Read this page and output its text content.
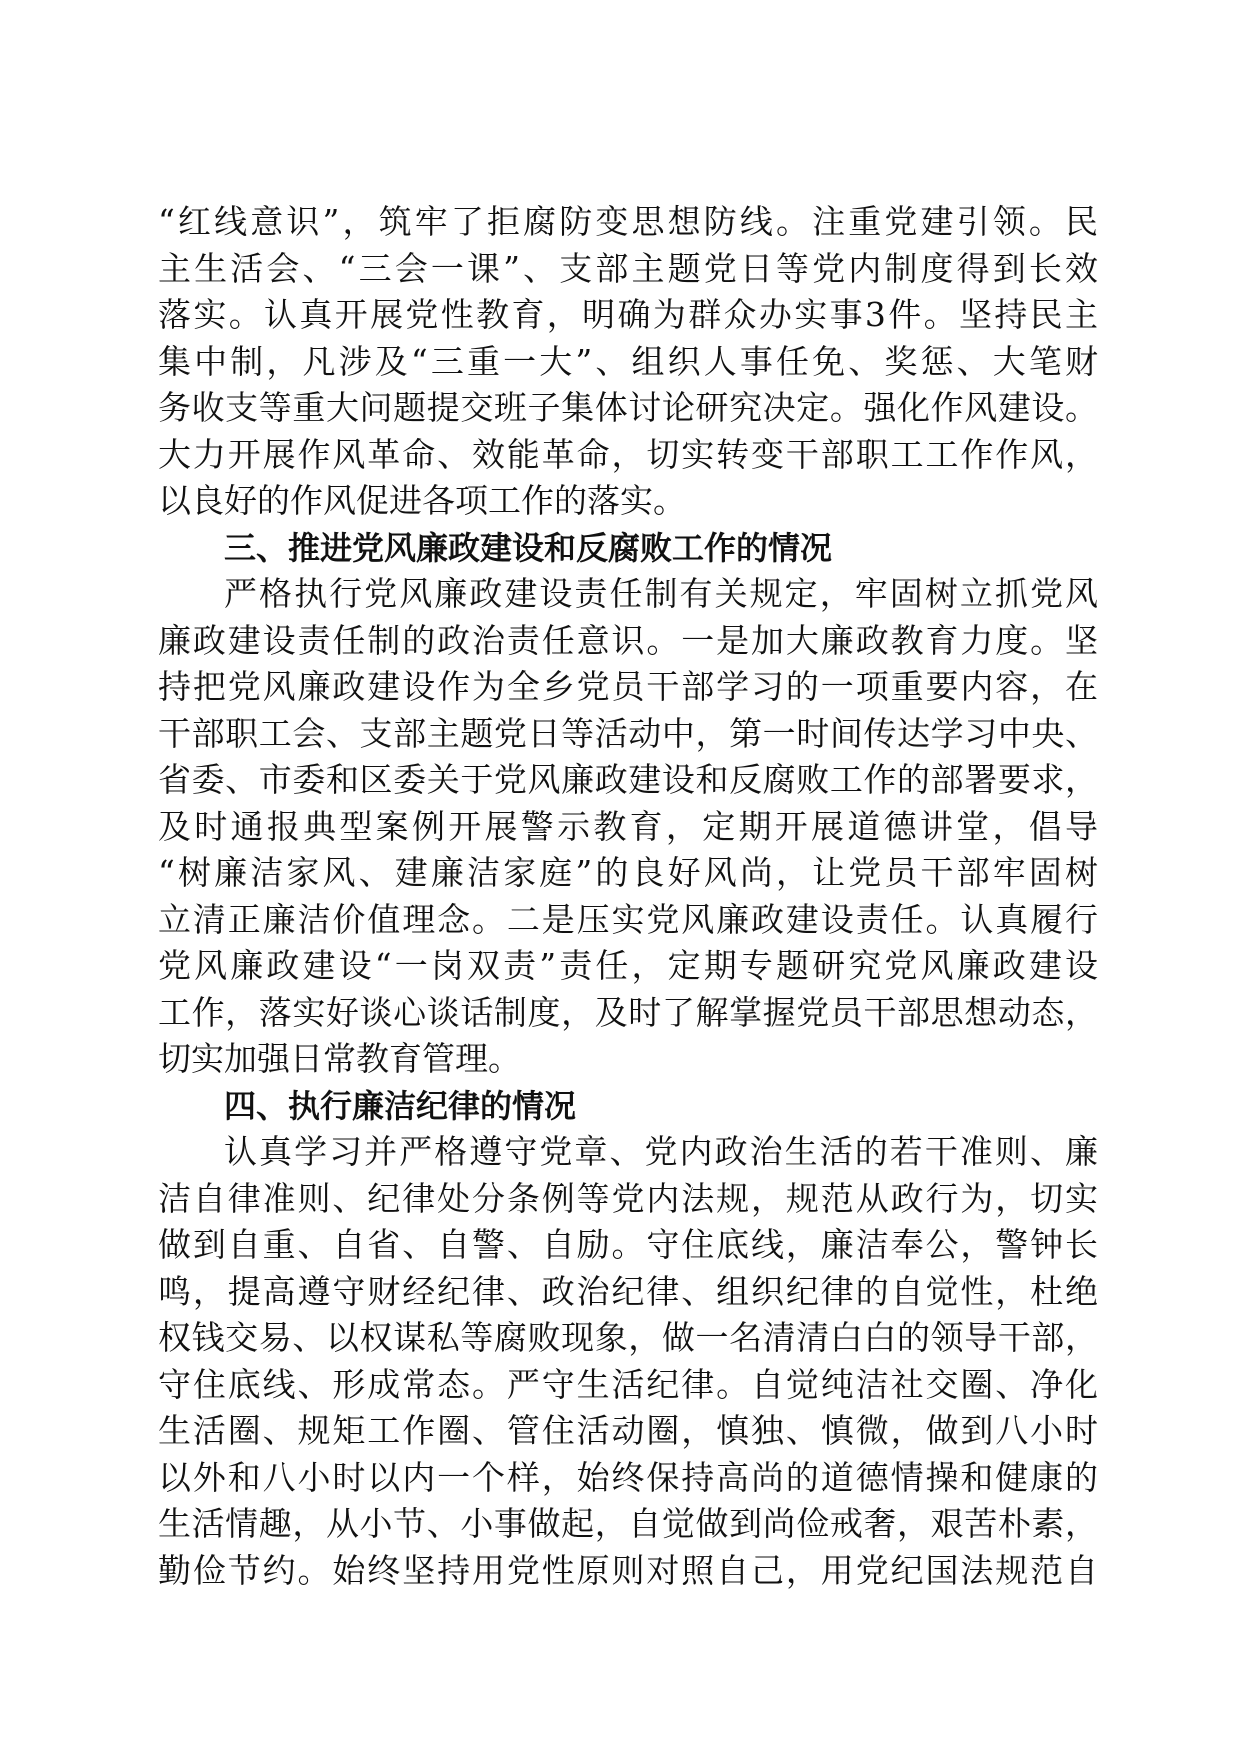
“红线意识”，筑牢了拒腐防变思想防线。注重党建引领。民
主生活会、“三会一课”、支部主题党日等党内制度得到长效
落实。认真开展党性教育，明确为群众办实事3件。坚持民主
集中制，凡涉及“三重一大”、组织人事任免、奖惩、大笔财
务收支等重大问题提交班子集体讨论研究决定。强化作风建设。
大力开展作风革命、效能革命，切实转变干部职工工作作风，
以良好的作风促进各项工作的落实。
三、推进党风廉政建设和反腐败工作的情况
严格执行党风廉政建设责任制有关规定，牢固树立抓党风
廉政建设责任制的政治责任意识。一是加大廉政教育力度。坚
持把党风廉政建设作为全乡党员干部学习的一项重要内容，在
干部职工会、支部主题党日等活动中，第一时间传达学习中央、
省委、市委和区委关于党风廉政建设和反腐败工作的部署要求，
及时通报典型案例开展警示教育，定期开展道德讲堂，倡导
“树廉洁家风、建廉洁家庭”的良好风尚，让党员干部牢固树
立清正廉洁价值理念。二是压实党风廉政建设责任。认真履行
党风廉政建设“一岗双责”责任，定期专题研究党风廉政建设
工作，落实好谈心谈话制度，及时了解掌握党员干部思想动态，
切实加强日常教育管理。
四、执行廉洁纪律的情况
认真学习并严格遵守党章、党内政治生活的若干准则、廉
洁自律准则、纪律处分条例等党内法规，规范从政行为，切实
做到自重、自省、自警、自励。守住底线，廉洁奉公，警钟长
鸣，提高遵守财经纪律、政治纪律、组织纪律的自觉性，杜绝
权钱交易、以权谋私等腐败现象，做一名清清白白的领导干部，
守住底线、形成常态。严守生活纪律。自觉纯洁社交圈、净化
生活圈、规矩工作圈、管住活动圈，慎独、慎微，做到八小时
以外和八小时以内一个样，始终保持高尚的道德情操和健康的
生活情趣，从小节、小事做起，自觉做到尚俭戒奢，艰苦朴素，
勤俭节约。始终坚持用党性原则对照自己，用党纪国法规范自
